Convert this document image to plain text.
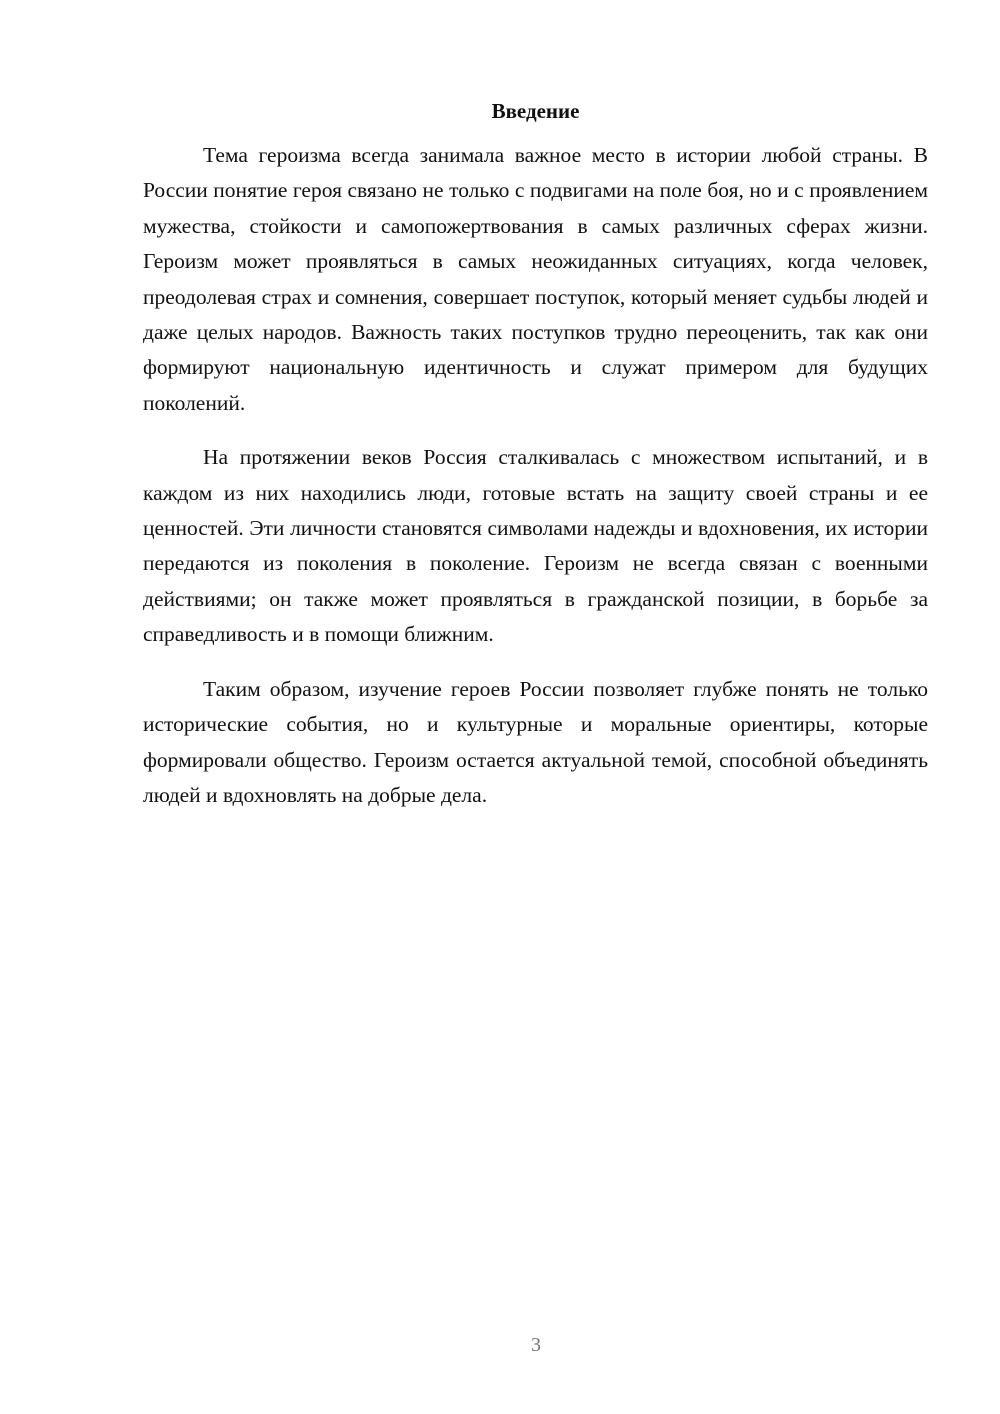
Введение

Тема героизма всегда занимала важное место в истории любой страны. В России понятие героя связано не только с подвигами на поле боя, но и с проявлением мужества, стойкости и самопожертвования в самых различных сферах жизни. Героизм может проявляться в самых неожиданных ситуациях, когда человек, преодолевая страх и сомнения, совершает поступок, который меняет судьбы людей и даже целых народов. Важность таких поступков трудно переоценить, так как они формируют национальную идентичность и служат примером для будущих поколений.

На протяжении веков Россия сталкивалась с множеством испытаний, и в каждом из них находились люди, готовые встать на защиту своей страны и ее ценностей. Эти личности становятся символами надежды и вдохновения, их истории передаются из поколения в поколение. Героизм не всегда связан с военными действиями; он также может проявляться в гражданской позиции, в борьбе за справедливость и в помощи ближним.

Таким образом, изучение героев России позволяет глубже понять не только исторические события, но и культурные и моральные ориентиры, которые формировали общество. Героизм остается актуальной темой, способной объединять людей и вдохновлять на добрые дела.

3
